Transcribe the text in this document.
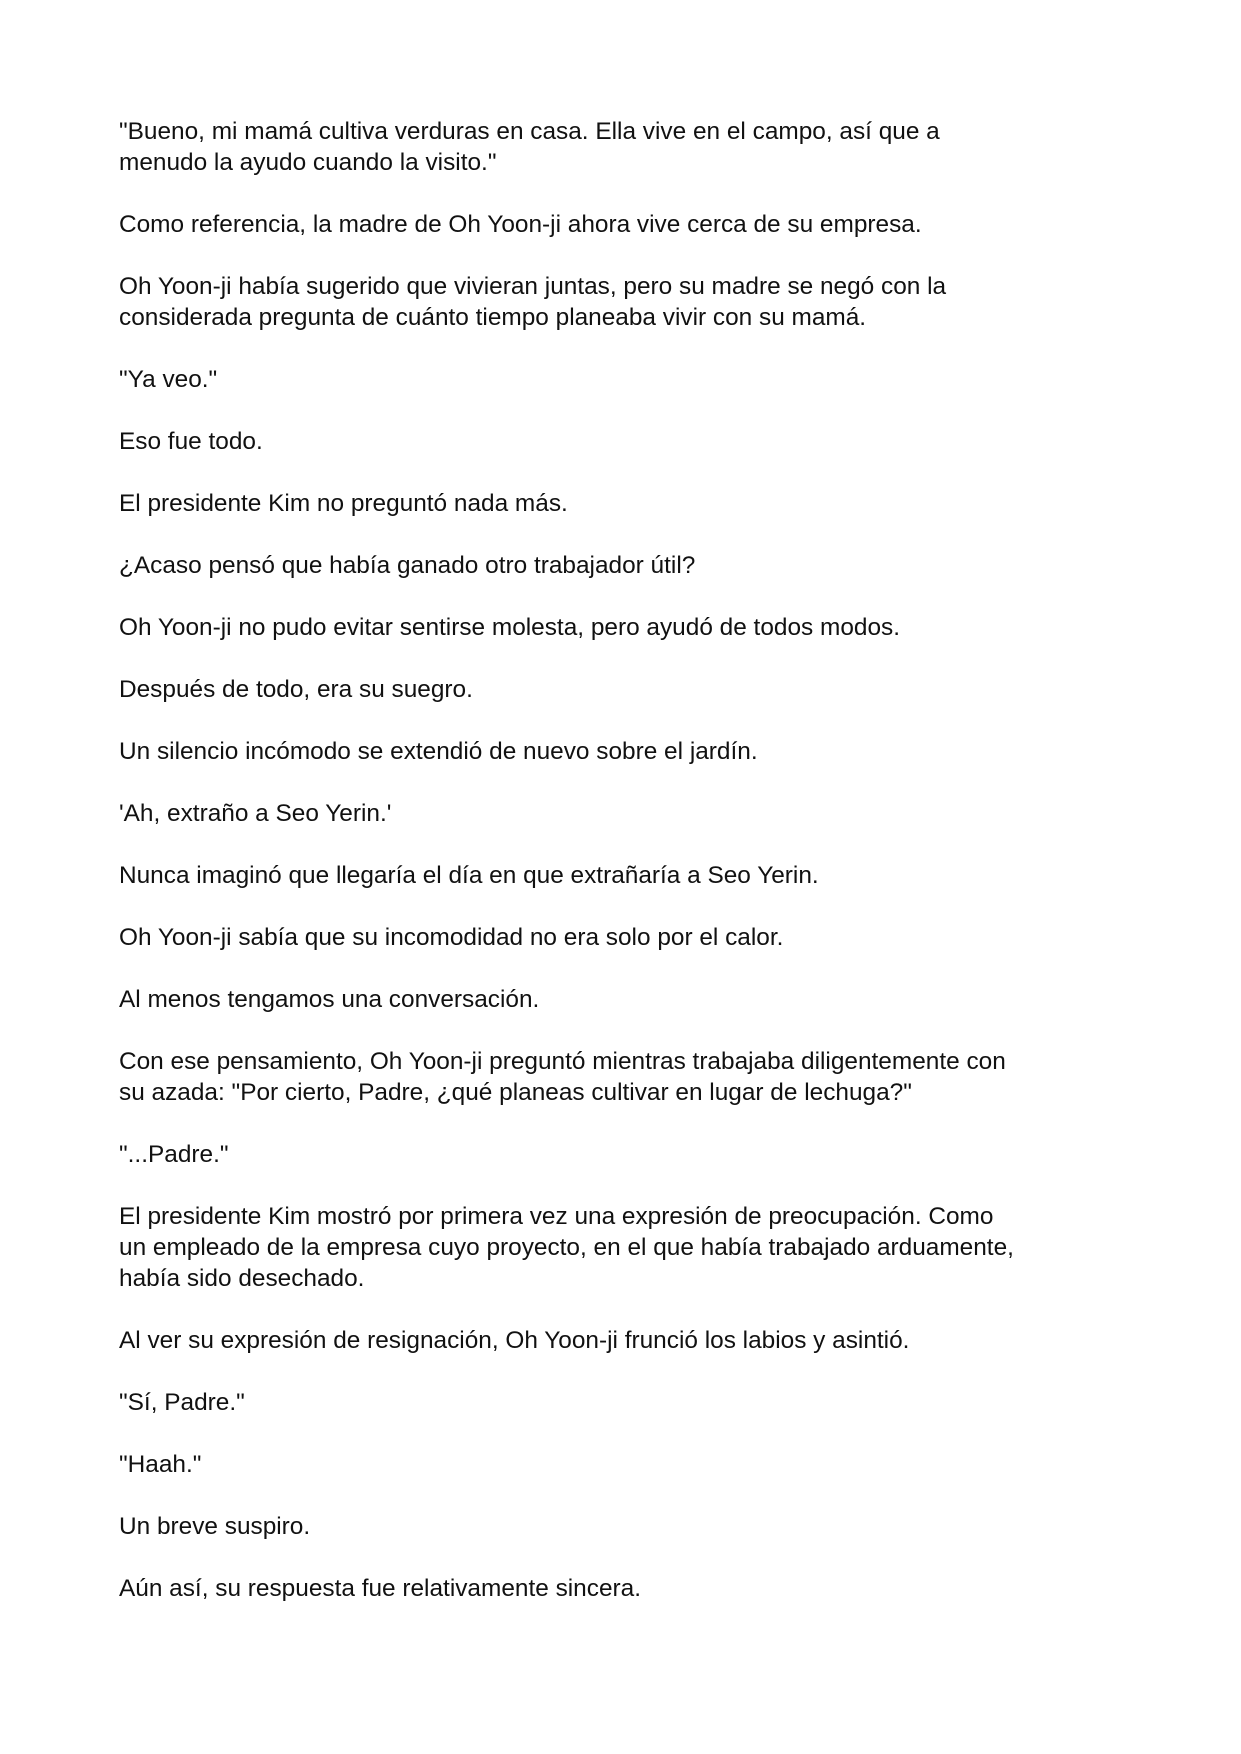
"Bueno, mi mamá cultiva verduras en casa. Ella vive en el campo, así que a
menudo la ayudo cuando la visito."

Como referencia, la madre de Oh Yoon-ji ahora vive cerca de su empresa.

Oh Yoon-ji había sugerido que vivieran juntas, pero su madre se negó con la
considerada pregunta de cuánto tiempo planeaba vivir con su mamá.

"Ya veo."

Eso fue todo.

El presidente Kim no preguntó nada más.

¿Acaso pensó que había ganado otro trabajador útil?

Oh Yoon-ji no pudo evitar sentirse molesta, pero ayudó de todos modos.

Después de todo, era su suegro.

Un silencio incómodo se extendió de nuevo sobre el jardín.

'Ah, extraño a Seo Yerin.'

Nunca imaginó que llegaría el día en que extrañaría a Seo Yerin.

Oh Yoon-ji sabía que su incomodidad no era solo por el calor.

Al menos tengamos una conversación.

Con ese pensamiento, Oh Yoon-ji preguntó mientras trabajaba diligentemente con
su azada: "Por cierto, Padre, ¿qué planeas cultivar en lugar de lechuga?"

"...Padre."

El presidente Kim mostró por primera vez una expresión de preocupación. Como
un empleado de la empresa cuyo proyecto, en el que había trabajado arduamente,
había sido desechado.

Al ver su expresión de resignación, Oh Yoon-ji frunció los labios y asintió.

"Sí, Padre."

"Haah."

Un breve suspiro.

Aún así, su respuesta fue relativamente sincera.
